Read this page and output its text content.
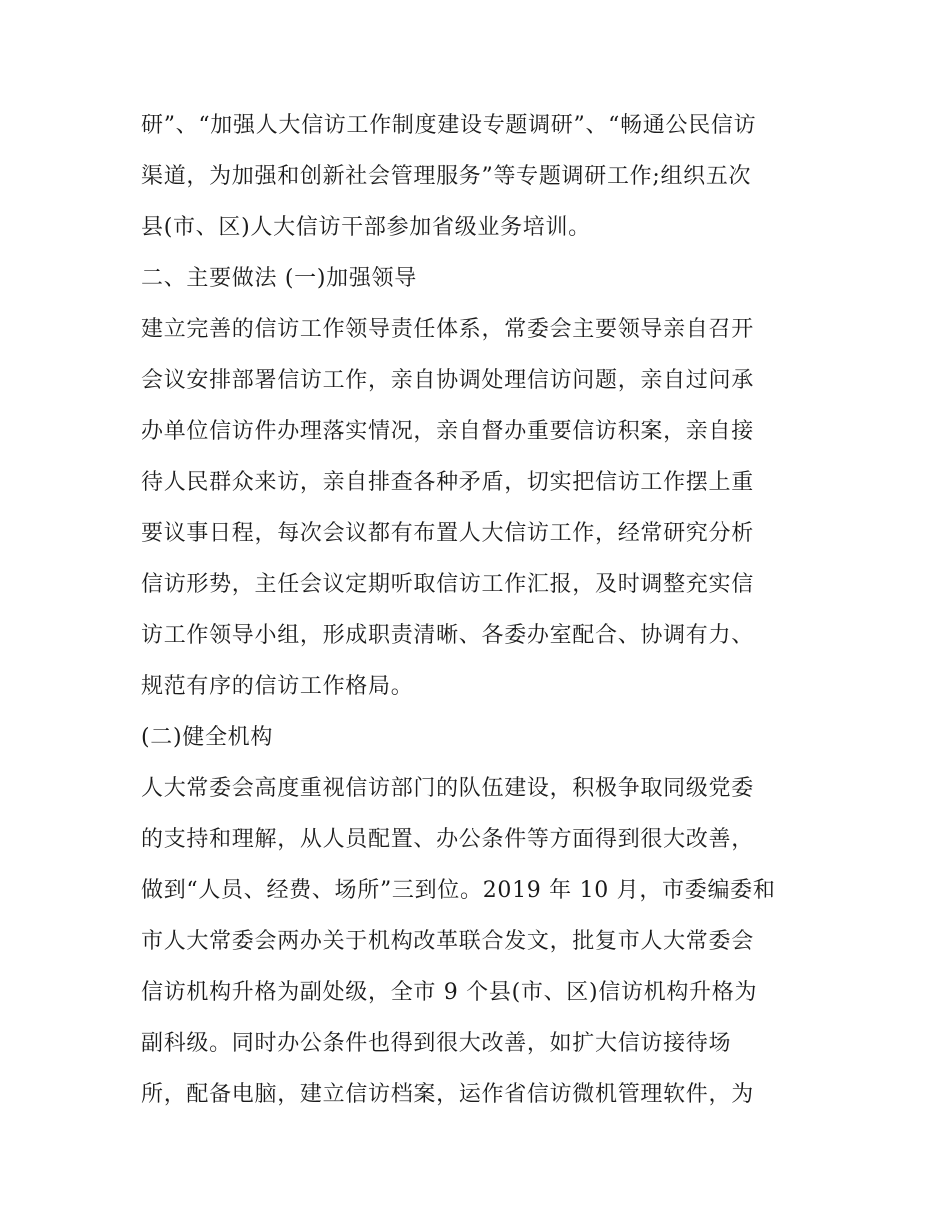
研”、“加强人大信访工作制度建设专题调研”、“畅通公民信访
渠道，为加强和创新社会管理服务”等专题调研工作;组织五次
县(市、区)人大信访干部参加省级业务培训。
二、主要做法 (一)加强领导
建立完善的信访工作领导责任体系，常委会主要领导亲自召开
会议安排部署信访工作，亲自协调处理信访问题，亲自过问承
办单位信访件办理落实情况，亲自督办重要信访积案，亲自接
待人民群众来访，亲自排查各种矛盾，切实把信访工作摆上重
要议事日程，每次会议都有布置人大信访工作，经常研究分析
信访形势，主任会议定期听取信访工作汇报，及时调整充实信
访工作领导小组，形成职责清晰、各委办室配合、协调有力、
规范有序的信访工作格局。
(二)健全机构
人大常委会高度重视信访部门的队伍建设，积极争取同级党委
的支持和理解，从人员配置、办公条件等方面得到很大改善，
做到“人员、经费、场所”三到位。2019 年 10 月，市委编委和
市人大常委会两办关于机构改革联合发文，批复市人大常委会
信访机构升格为副处级，全市 9 个县(市、区)信访机构升格为
副科级。同时办公条件也得到很大改善，如扩大信访接待场
所，配备电脑，建立信访档案，运作省信访微机管理软件，为
